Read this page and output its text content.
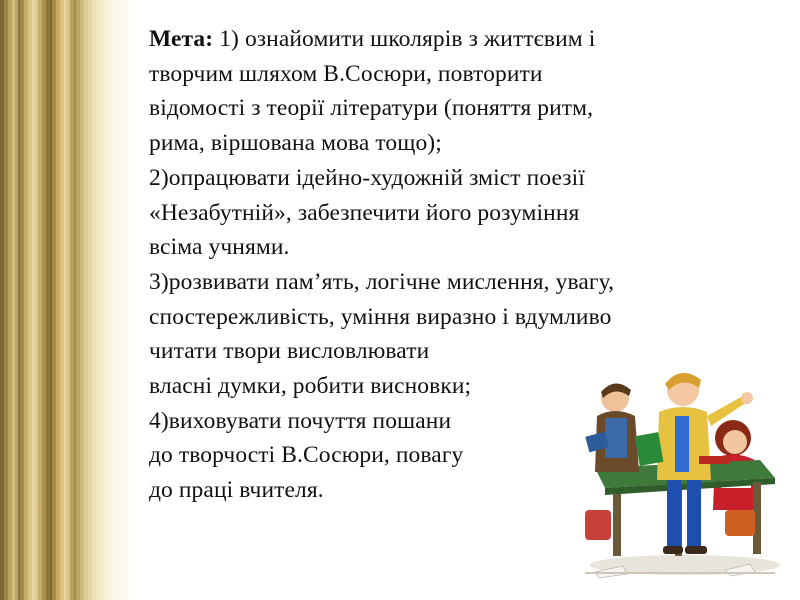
Мета: 1) ознайомити школярів з життєвим і
творчим шляхом В.Сосюри, повторити
відомості з теорії літератури (поняття ритм,
рима, віршована мова тощо);
2)опрацювати ідейно-художній зміст поезії
«Незабутній», забезпечити його розуміння
всіма учнями.
3)розвивати пам’ять, логічне мислення, увагу,
спостережливість, уміння виразно і вдумливо
читати твори висловлювати
власні думки, робити висновки;
4)виховувати почуття пошани
до творчості В.Сосюри, повагу
до праці вчителя.
